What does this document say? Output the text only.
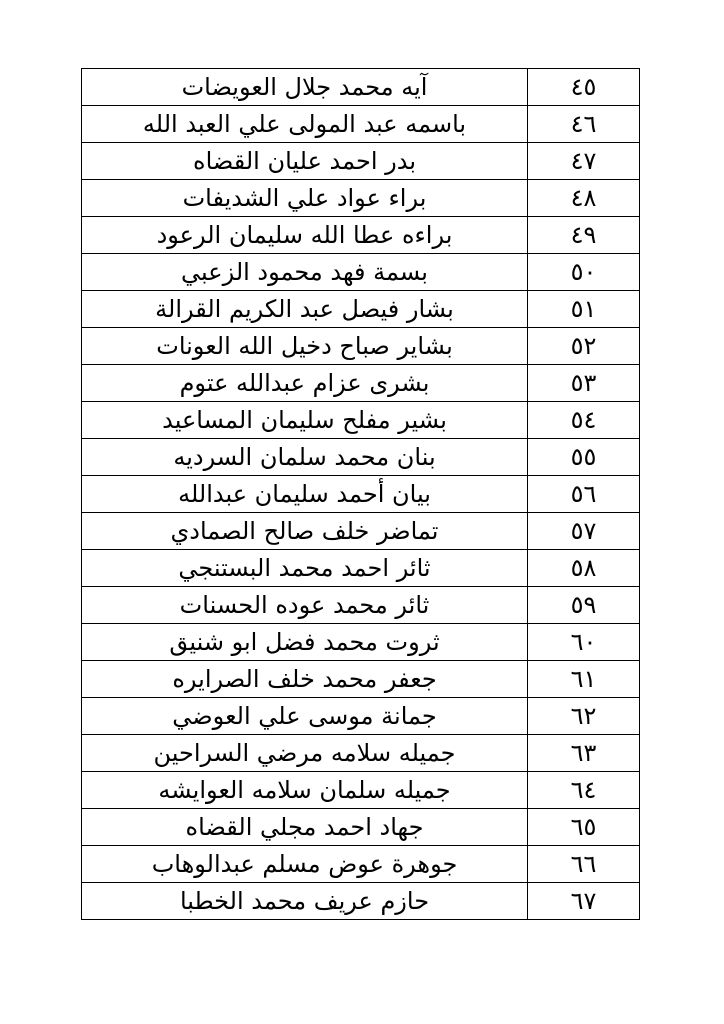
آيه محمد جلال العويضات	٤٥
باسمه عبد المولى علي العبد الله	٤٦
بدر احمد عليان القضاه	٤٧
براء عواد علي الشديفات	٤٨
براءه عطا الله سليمان الرعود	٤٩
بسمة فهد محمود الزعبي	٥٠
بشار فيصل عبد الكريم القرالة	٥١
بشاير صباح دخيل الله العونات	٥٢
بشرى عزام عبدالله عتوم	٥٣
بشير مفلح سليمان المساعيد	٥٤
بنان محمد سلمان السرديه	٥٥
بيان أحمد سليمان عبدالله	٥٦
تماضر خلف صالح الصمادي	٥٧
ثائر احمد محمد البستنجي	٥٨
ثائر محمد عوده الحسنات	٥٩
ثروت محمد فضل ابو شنيق	٦٠
جعفر محمد خلف الصرايره	٦١
جمانة موسى علي العوضي	٦٢
جميله سلامه مرضي السراحين	٦٣
جميله سلمان سلامه العوايشه	٦٤
جهاد احمد مجلي القضاه	٦٥
جوهرة عوض مسلم عبدالوهاب	٦٦
حازم عريف محمد الخطبا	٦٧
